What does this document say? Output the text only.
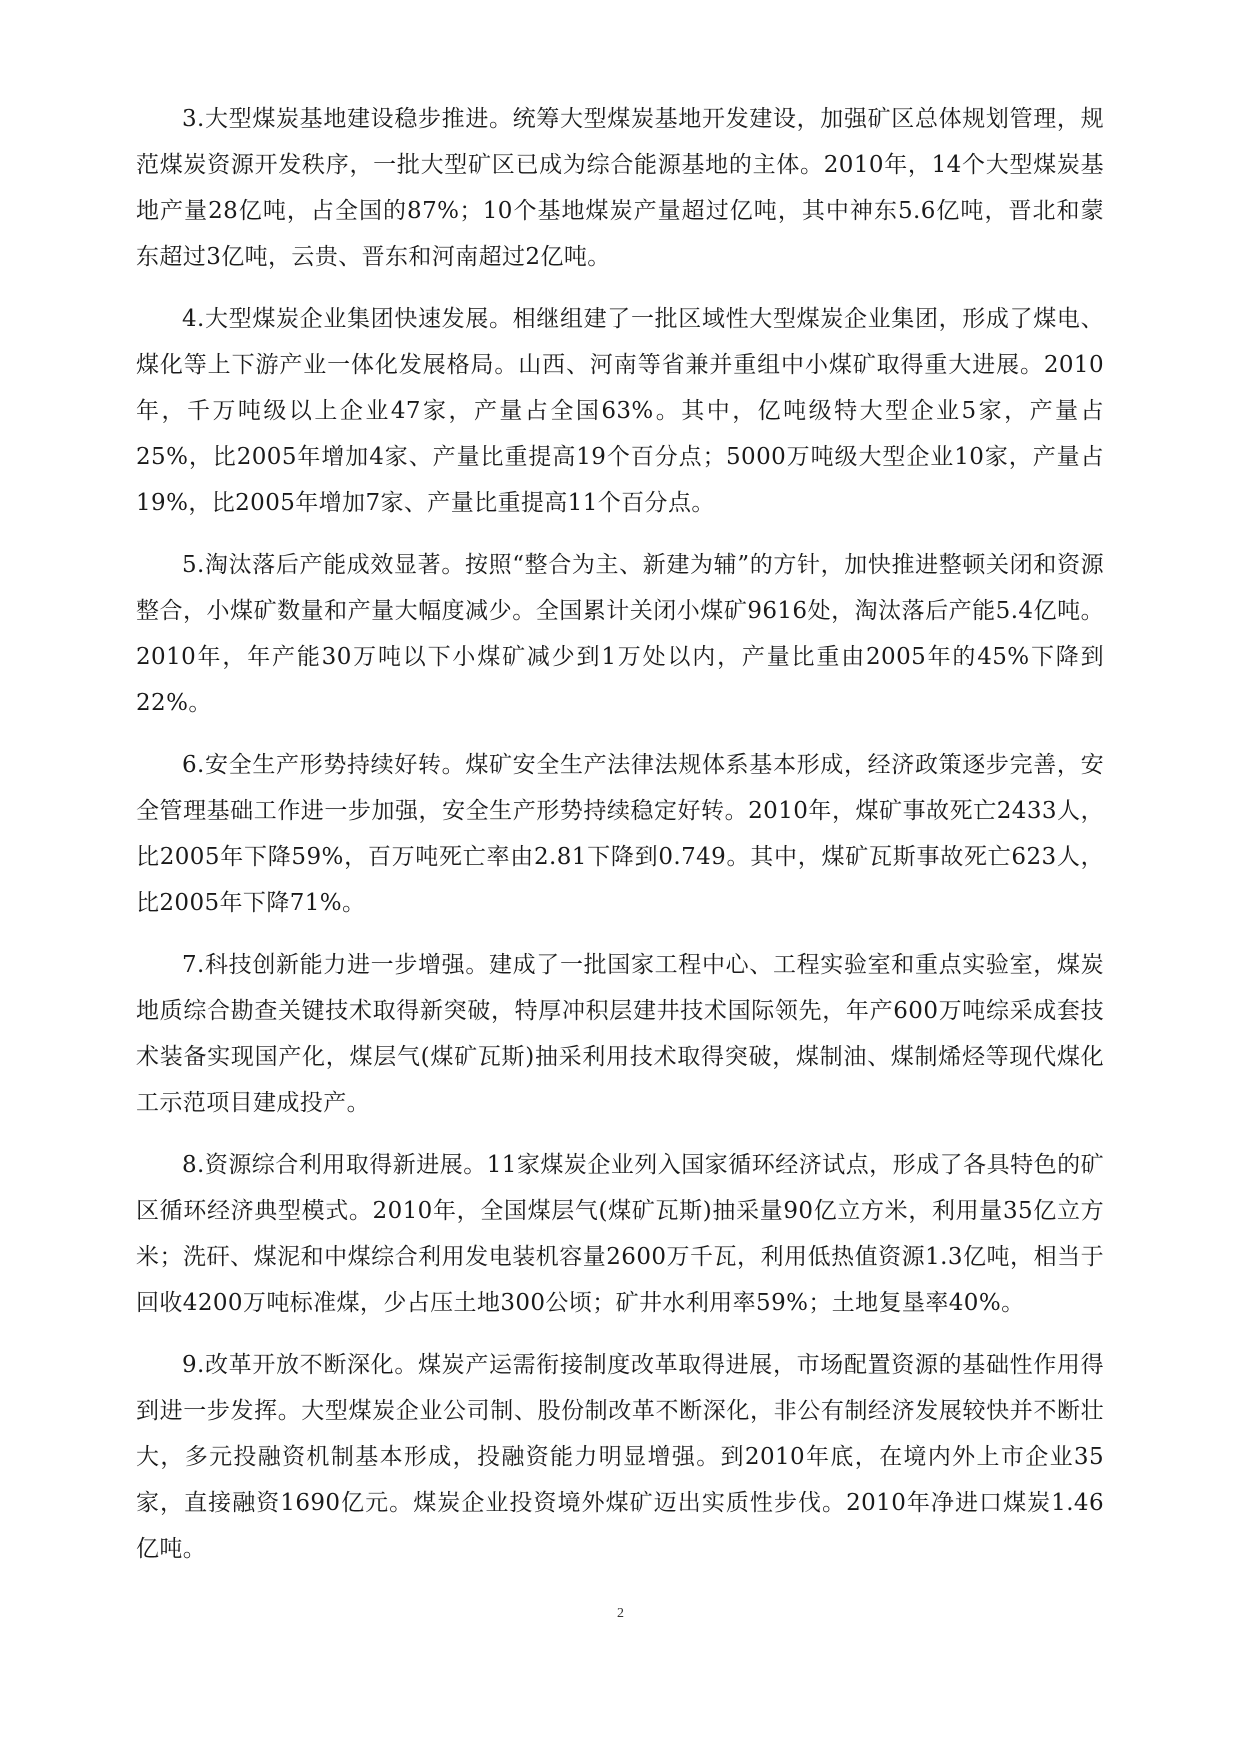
3.大型煤炭基地建设稳步推进。统筹大型煤炭基地开发建设，加强矿区总体规划管理，规范煤炭资源开发秩序，一批大型矿区已成为综合能源基地的主体。2010年，14个大型煤炭基地产量28亿吨，占全国的87%；10个基地煤炭产量超过亿吨，其中神东5.6亿吨，晋北和蒙东超过3亿吨，云贵、晋东和河南超过2亿吨。

4.大型煤炭企业集团快速发展。相继组建了一批区域性大型煤炭企业集团，形成了煤电、煤化等上下游产业一体化发展格局。山西、河南等省兼并重组中小煤矿取得重大进展。2010年，千万吨级以上企业47家，产量占全国63%。其中，亿吨级特大型企业5家，产量占25%，比2005年增加4家、产量比重提高19个百分点；5000万吨级大型企业10家，产量占19%，比2005年增加7家、产量比重提高11个百分点。

5.淘汰落后产能成效显著。按照“整合为主、新建为辅”的方针，加快推进整顿关闭和资源整合，小煤矿数量和产量大幅度减少。全国累计关闭小煤矿9616处，淘汰落后产能5.4亿吨。2010年，年产能30万吨以下小煤矿减少到1万处以内，产量比重由2005年的45%下降到22%。

6.安全生产形势持续好转。煤矿安全生产法律法规体系基本形成，经济政策逐步完善，安全管理基础工作进一步加强，安全生产形势持续稳定好转。2010年，煤矿事故死亡2433人，比2005年下降59%，百万吨死亡率由2.81下降到0.749。其中，煤矿瓦斯事故死亡623人，比2005年下降71%。

7.科技创新能力进一步增强。建成了一批国家工程中心、工程实验室和重点实验室，煤炭地质综合勘查关键技术取得新突破，特厚冲积层建井技术国际领先，年产600万吨综采成套技术装备实现国产化，煤层气(煤矿瓦斯)抽采利用技术取得突破，煤制油、煤制烯烃等现代煤化工示范项目建成投产。

8.资源综合利用取得新进展。11家煤炭企业列入国家循环经济试点，形成了各具特色的矿区循环经济典型模式。2010年，全国煤层气(煤矿瓦斯)抽采量90亿立方米，利用量35亿立方米；洗矸、煤泥和中煤综合利用发电装机容量2600万千瓦，利用低热值资源1.3亿吨，相当于回收4200万吨标准煤，少占压土地300公顷；矿井水利用率59%；土地复垦率40%。

9.改革开放不断深化。煤炭产运需衔接制度改革取得进展，市场配置资源的基础性作用得到进一步发挥。大型煤炭企业公司制、股份制改革不断深化，非公有制经济发展较快并不断壮大，多元投融资机制基本形成，投融资能力明显增强。到2010年底，在境内外上市企业35家，直接融资1690亿元。煤炭企业投资境外煤矿迈出实质性步伐。2010年净进口煤炭1.46亿吨。

2
